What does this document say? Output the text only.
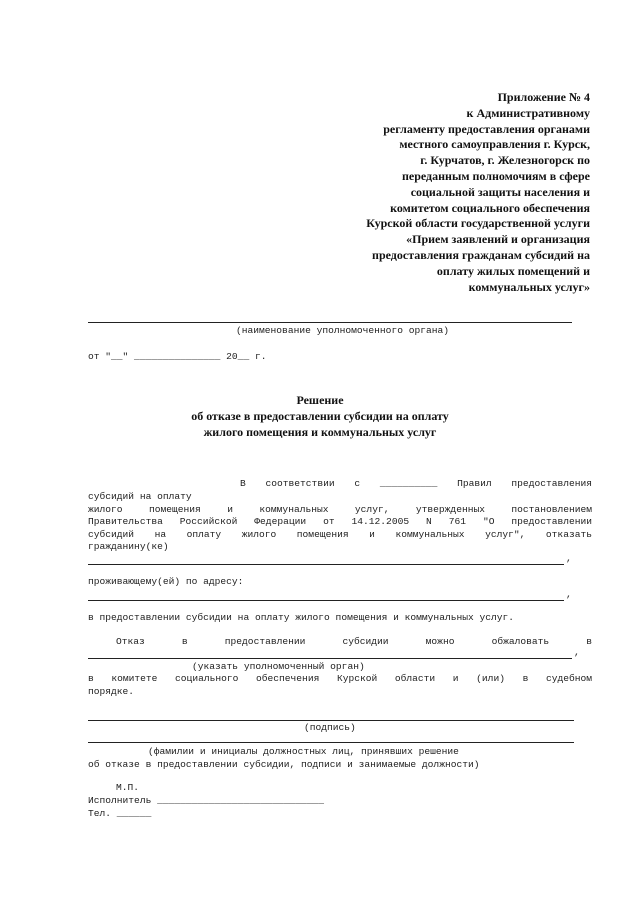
Приложение № 4
к Административному
регламенту предоставления органами
местного самоуправления г. Курск,
г. Курчатов, г. Железногорск по
переданным полномочиям в сфере
социальной защиты населения и
комитетом социального обеспечения
Курской области государственной услуги
«Прием заявлений и организация
предоставления гражданам субсидий на
оплату жилых помещений и
коммунальных услуг»
(наименование уполномоченного органа)
от "__" _______________ 20__ г.
Решение
об отказе в предоставлении субсидии на оплату
жилого помещения и коммунальных услуг
В соответствии с __________ Правил предоставления
субсидий на оплату
жилого	помещения	и	коммунальных	услуг,	утвержденных	постановлением
Правительства Российской Федерации от 14.12.2005 N 761 "О предоставлении
субсидий на оплату жилого помещения и коммунальных услуг", отказать
гражданину(ке)
,
проживающему(ей) по адресу:
,
в предоставлении субсидии на оплату жилого помещения и коммунальных услуг.
Отказ	в	предоставлении	субсидии	можно	обжаловать	в
,
(указать уполномоченный орган)
в комитете социального обеспечения Курской области и (или) в судебном
порядке.
(подпись)
(фамилии и инициалы должностных лиц, принявших решение
об отказе в предоставлении субсидии, подписи и занимаемые должности)
М.П.
Исполнитель _____________________________
Тел. ______
